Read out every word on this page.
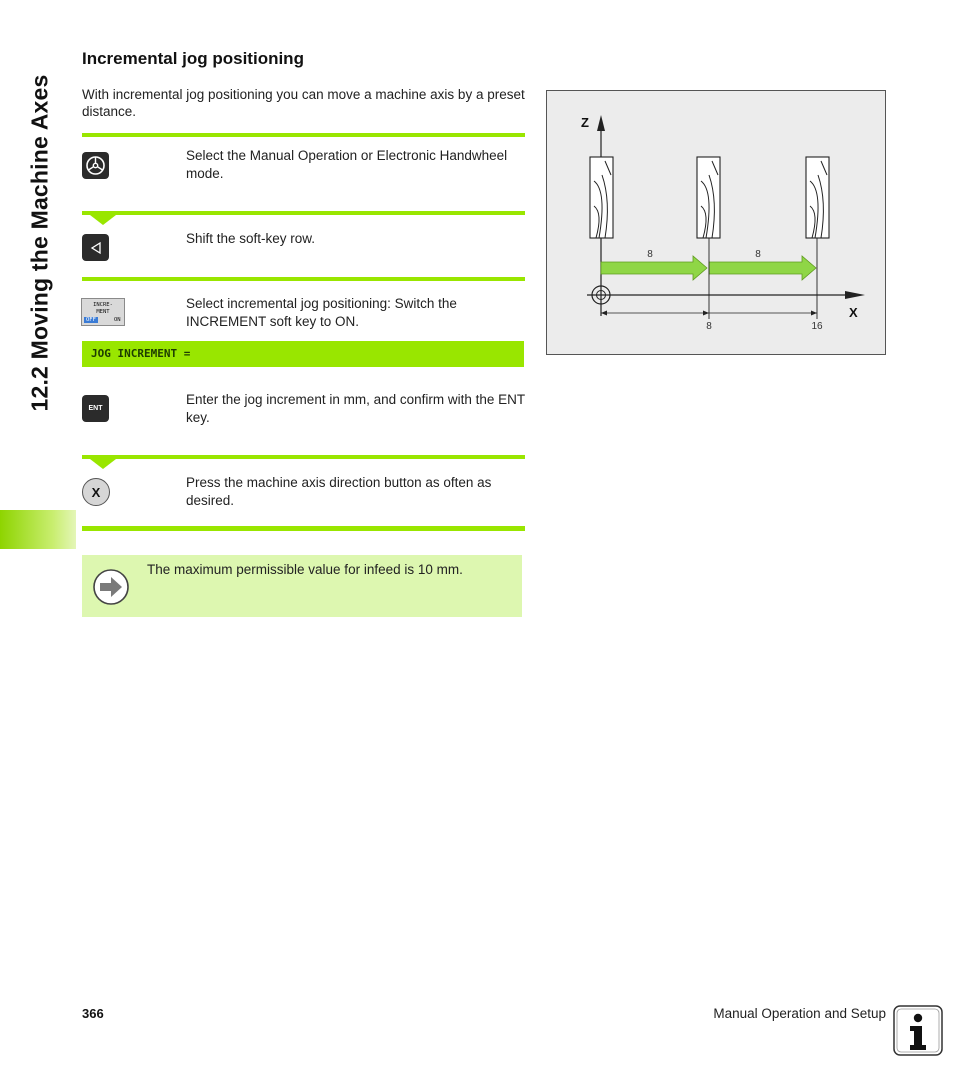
12.2 Moving the Machine Axes
Incremental jog positioning
With incremental jog positioning you can move a machine axis by a preset distance.
Select the Manual Operation or Electronic Handwheel mode.
Shift the soft-key row.
INCRE-
MENT
OFF	ON
Select incremental jog positioning: Switch the INCREMENT soft key to ON.
JOG INCREMENT =
ENT
Enter the jog increment in mm, and confirm with the ENT key.
X
Press the machine axis direction button as often as desired.
The maximum permissible value for infeed is 10 mm.
Z
X
8	8
8	16
366	Manual Operation and Setup
